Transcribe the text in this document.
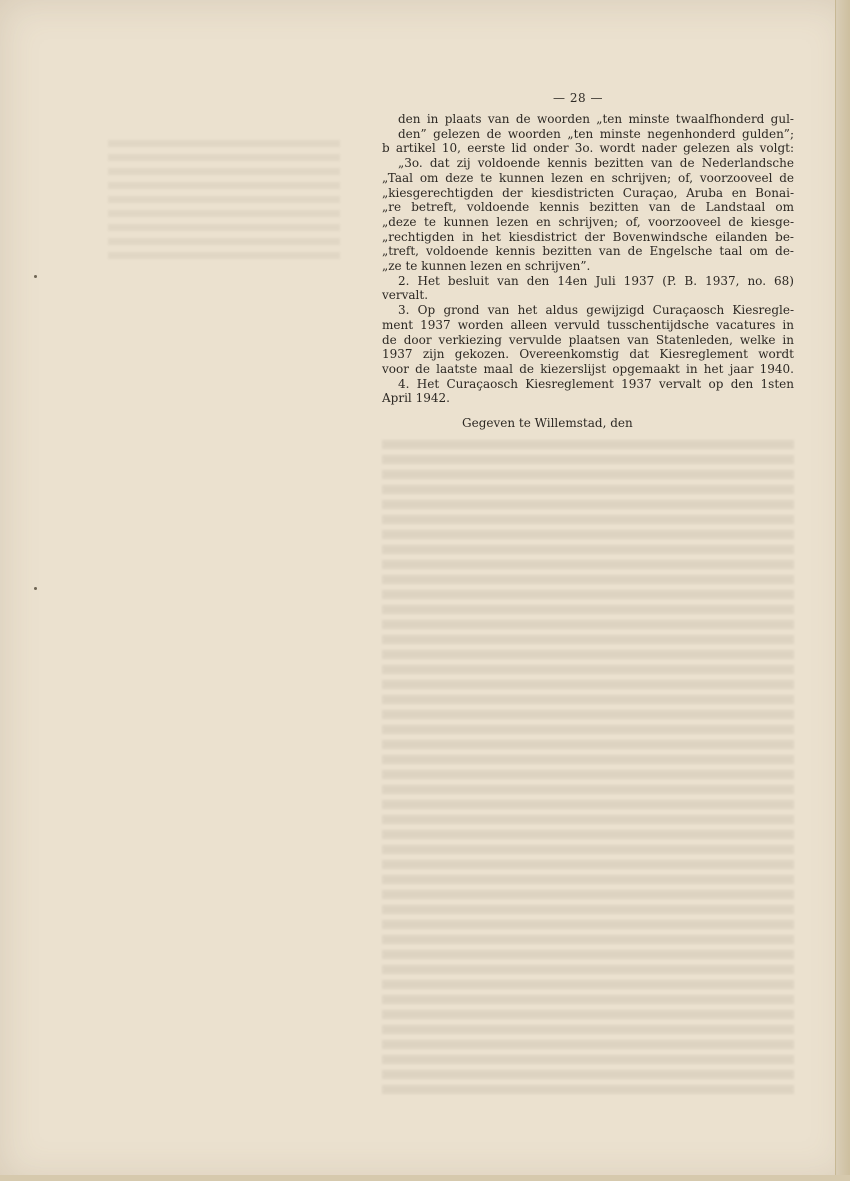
— 28 —
den in plaats van de woorden „ten minste twaalfhonderd gul-
den” gelezen de woorden „ten minste negenhonderd gulden”;
b artikel 10, eerste lid onder 3o. wordt nader gelezen als volgt:
„3o. dat zij voldoende kennis bezitten van de Nederlandsche
„Taal om deze te kunnen lezen en schrijven; of, voorzooveel de
„kiesgerechtigden der kiesdistricten Curaçao, Aruba en Bonai-
„re betreft, voldoende kennis bezitten van de Landstaal om
„deze te kunnen lezen en schrijven; of, voorzooveel de kiesge-
„rechtigden in het kiesdistrict der Bovenwindsche eilanden be-
„treft, voldoende kennis bezitten van de Engelsche taal om de-
„ze te kunnen lezen en schrijven”.
2. Het besluit van den 14en Juli 1937 (P. B. 1937, no. 68)
vervalt.
3. Op grond van het aldus gewijzigd Curaçaosch Kiesregle-
ment 1937 worden alleen vervuld tusschentijdsche vacatures in
de door verkiezing vervulde plaatsen van Statenleden, welke in
1937 zijn gekozen. Overeenkomstig dat Kiesreglement wordt
voor de laatste maal de kiezerslijst opgemaakt in het jaar 1940.
4. Het Curaçaosch Kiesreglement 1937 vervalt op den 1sten
April 1942.
Gegeven te Willemstad, den
